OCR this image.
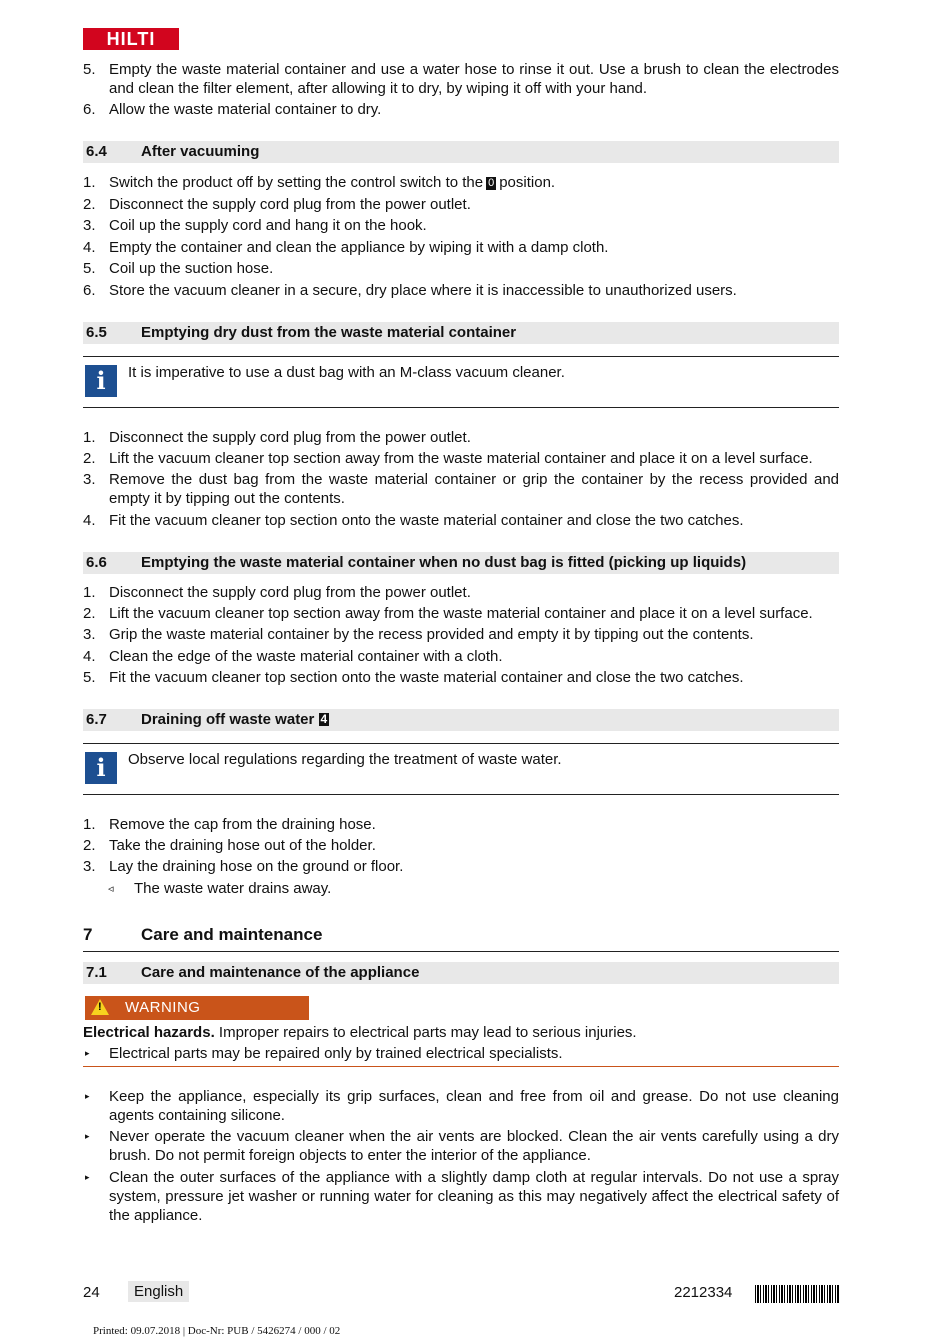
HILTI
5. Empty the waste material container and use a water hose to rinse it out. Use a brush to clean the electrodes and clean the filter element, after allowing it to dry, by wiping it off with your hand.
6. Allow the waste material container to dry.
6.4 After vacuuming
1. Switch the product off by setting the control switch to the 0 position.
2. Disconnect the supply cord plug from the power outlet.
3. Coil up the supply cord and hang it on the hook.
4. Empty the container and clean the appliance by wiping it with a damp cloth.
5. Coil up the suction hose.
6. Store the vacuum cleaner in a secure, dry place where it is inaccessible to unauthorized users.
6.5 Emptying dry dust from the waste material container
i	It is imperative to use a dust bag with an M-class vacuum cleaner.
1. Disconnect the supply cord plug from the power outlet.
2. Lift the vacuum cleaner top section away from the waste material container and place it on a level surface.
3. Remove the dust bag from the waste material container or grip the container by the recess provided and empty it by tipping out the contents.
4. Fit the vacuum cleaner top section onto the waste material container and close the two catches.
6.6 Emptying the waste material container when no dust bag is fitted (picking up liquids)
1. Disconnect the supply cord plug from the power outlet.
2. Lift the vacuum cleaner top section away from the waste material container and place it on a level surface.
3. Grip the waste material container by the recess provided and empty it by tipping out the contents.
4. Clean the edge of the waste material container with a cloth.
5. Fit the vacuum cleaner top section onto the waste material container and close the two catches.
6.7 Draining off waste water 4
i	Observe local regulations regarding the treatment of waste water.
1. Remove the cap from the draining hose.
2. Take the draining hose out of the holder.
3. Lay the draining hose on the ground or floor.
◃ The waste water drains away.
7	Care and maintenance
7.1 Care and maintenance of the appliance
! WARNING
Electrical hazards. Improper repairs to electrical parts may lead to serious injuries.
▸ Electrical parts may be repaired only by trained electrical specialists.
▸ Keep the appliance, especially its grip surfaces, clean and free from oil and grease. Do not use cleaning agents containing silicone.
▸ Never operate the vacuum cleaner when the air vents are blocked. Clean the air vents carefully using a dry brush. Do not permit foreign objects to enter the interior of the appliance.
▸ Clean the outer surfaces of the appliance with a slightly damp cloth at regular intervals. Do not use a spray system, pressure jet washer or running water for cleaning as this may negatively affect the electrical safety of the appliance.
24	English	2212334
Printed: 09.07.2018 | Doc-Nr: PUB / 5426274 / 000 / 02
